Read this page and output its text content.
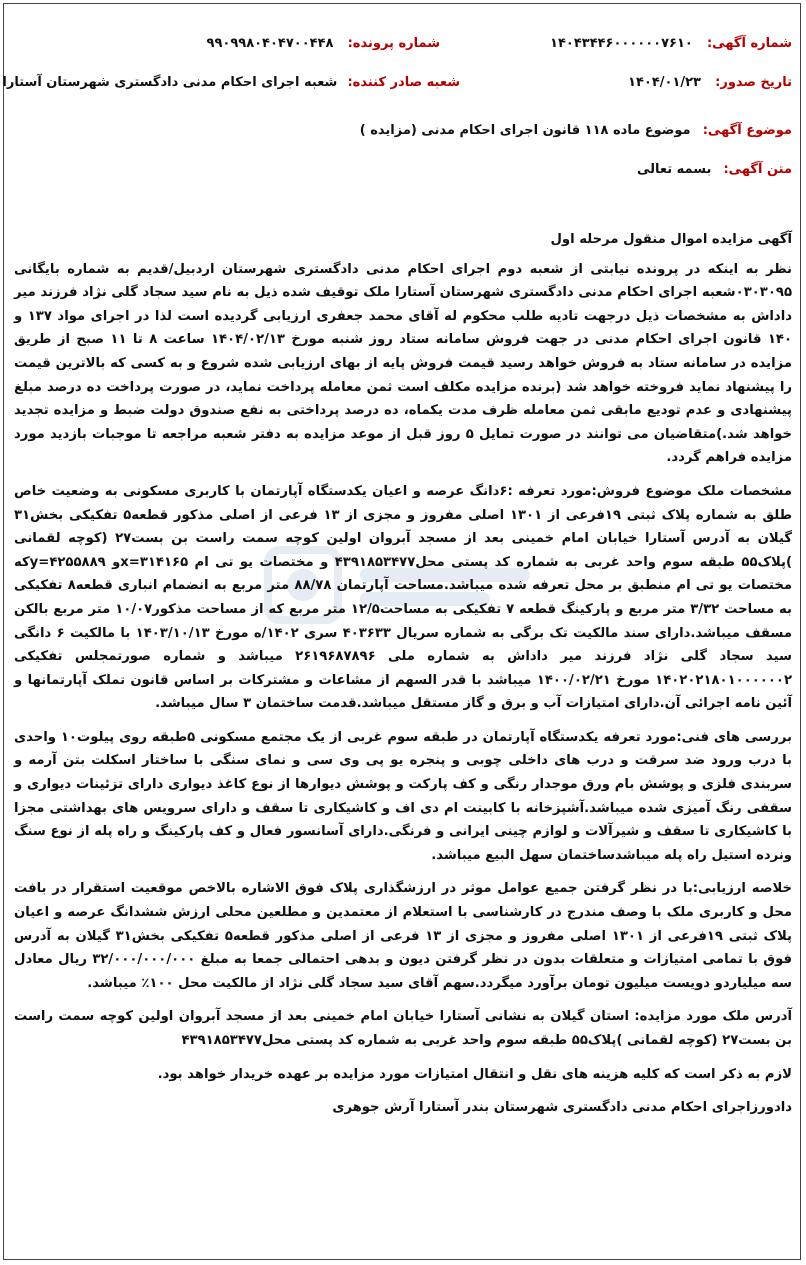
شماره آگهی: ۱۴۰۴۳۴۴۶۰۰۰۰۰۰۷۶۱۰
شماره پرونده: ۹۹۰۹۹۸۰۴۰۴۷۰۰۴۴۸
تاریخ صدور: ۱۴۰۴/۰۱/۲۳
شعبه صادر کننده: شعبه اجرای احکام مدنی دادگستری شهرستان آستارا
موضوع آگهی: موضوع ماده ۱۱۸ قانون اجرای احکام مدنی (مزایده )
متن آگهی: بسمه تعالی

آگهی مزایده اموال منقول مرحله اول

نظر به اینکه در پرونده نیابتی از شعبه دوم اجرای احکام مدنی دادگستری شهرستان اردبیل/قدیم به شماره بایگانی ۰۳۰۳۰۹۵شعبه اجرای احکام مدنی دادگستری شهرستان آستارا ملک توقیف شده ذیل به نام سید سجاد گلی نژاد فرزند میر داداش به مشخصات ذیل درجهت تادیه طلب محکوم له آقای محمد جعفری ارزیابی گردیده است لذا در اجرای مواد ۱۳۷ و ۱۴۰ قانون اجرای احکام مدنی در جهت فروش سامانه ستاد روز شنبه مورخ ۱۴۰۴/۰۲/۱۳ ساعت ۸ تا ۱۱ صبح از طریق مزایده در سامانه ستاد به فروش خواهد رسید قیمت فروش پایه از بهای ارزیابی شده شروع و به کسی که بالاترین قیمت را پیشنهاد نماید فروخته خواهد شد (برنده مزایده مکلف است ثمن معامله پرداخت نماید، در صورت پرداخت ده درصد مبلغ پیشنهادی و عدم تودیع مابقی ثمن معامله ظرف مدت یکماه، ده درصد پرداختی به نفع صندوق دولت ضبط و مزایده تجدید خواهد شد.)متقاضیان می توانند در صورت تمایل ۵ روز قبل از موعد مزایده به دفتر شعبه مراجعه تا موجبات بازدید مورد مزایده فراهم گردد.

مشخصات ملک موضوع فروش:مورد تعرفه :۶دانگ عرصه و اعیان یکدستگاه آپارتمان با کاربری مسکونی به وضعیت خاص طلق به شماره پلاک ثبتی ۱۹فرعی از ۱۳۰۱ اصلی مفروز و مجزی از ۱۳ فرعی از اصلی مذکور قطعه۵ تفکیکی بخش۳۱ گیلان به آدرس آستارا خیابان امام خمینی بعد از مسجد آبروان اولین کوچه سمت راست بن بست۲۷ (کوچه لقمانی )پلاک۵۵ طبقه سوم واحد غربی به شماره کد پستی محل۴۳۹۱۸۵۳۴۷۷ و مختصات یو تی ام x=۳۱۴۱۶۵و y=۴۲۵۵۸۸۹که مختصات یو تی ام منطبق بر محل تعرفه شده میباشد.مساحت آپارتمان ۸۸/۷۸ متر مربع به انضمام انباری قطعه۸ تفکیکی به مساحت ۳/۳۲ متر مربع و پارکینگ قطعه ۷ تفکیکی به مساحت۱۲/۵ متر مربع که از مساحت مذکور۱۰/۰۷ متر مربع بالکن مسقف میباشد.دارای سند مالکیت تک برگی به شماره سریال ۴۰۳۶۳۳ سری ۱۴۰۲/ه مورخ ۱۴۰۳/۱۰/۱۳ با مالکیت ۶ دانگی سید سجاد گلی نژاد فرزند میر داداش به شماره ملی ۲۶۱۹۶۸۷۸۹۶ میباشد و شماره صورتمجلس تفکیکی ۱۴۰۲۰۲۱۸۰۱۰۰۰۰۰۰۲ مورخ ۱۴۰۰/۰۲/۲۱ میباشد با قدر السهم از مشاعات و مشترکات بر اساس قانون تملک آپارتمانها و آئین نامه اجرائی آن.دارای امتیازات آب و برق و گاز مستقل میباشد.قدمت ساختمان ۳ سال میباشد.

بررسی های فنی:مورد تعرفه یکدستگاه آپارتمان در طبقه سوم غربی از یک مجتمع مسکونی ۵طبقه روی پیلوت۱۰ واحدی با درب ورود ضد سرقت و درب های داخلی چوبی و پنجره یو پی وی سی و نمای سنگی با ساختار اسکلت بتن آرمه و سربندی فلزی و پوشش بام ورق موجدار رنگی و کف پارکت و پوشش دیوارها از نوع کاغذ دیواری دارای تزئینات دیواری و سقفی رنگ آمیزی شده میباشد.آشپزخانه با کابینت ام دی اف و کاشیکاری تا سقف و دارای سرویس های بهداشتی مجزا با کاشیکاری تا سقف و شیرآلات و لوازم چینی ایرانی و فرنگی.دارای آسانسور فعال و کف پارکینگ و راه پله از نوع سنگ ونرده استیل راه پله میباشدساختمان سهل البیع میباشد.

خلاصه ارزیابی:با در نظر گرفتن جمیع عوامل موثر در ارزشگذاری پلاک فوق الاشاره بالاخص موقعیت استقرار در بافت محل و کاربری ملک با وصف مندرج در کارشناسی با استعلام از معتمدین و مطلعین محلی ارزش ششدانگ عرصه و اعیان پلاک ثبتی ۱۹فرعی از ۱۳۰۱ اصلی مفروز و مجزی از ۱۳ فرعی از اصلی مذکور قطعه۵ تفکیکی بخش۳۱ گیلان به آدرس فوق با تمامی امتیازات و متعلقات بدون در نظر گرفتن دیون و بدهی احتمالی جمعا به مبلغ ۳۲/۰۰۰/۰۰۰/۰۰۰ ریال معادل سه میلیاردو دویست میلیون تومان برآورد میگردد.سهم آقای سید سجاد گلی نژاد از مالکیت محل ۱۰۰٪ میباشد.

آدرس ملک مورد مزایده: استان گیلان به نشانی آستارا خیابان امام خمینی بعد از مسجد آبروان اولین کوچه سمت راست بن بست۲۷ (کوچه لقمانی )پلاک۵۵ طبقه سوم واحد غربی به شماره کد پستی محل۴۳۹۱۸۵۳۴۷۷

لازم به ذکر است که کلیه هزینه های نقل و انتقال امتیازات مورد مزایده بر عهده خریدار خواهد بود.

دادورزاجرای احکام مدنی دادگستری شهرستان بندر آستارا آرش جوهری
